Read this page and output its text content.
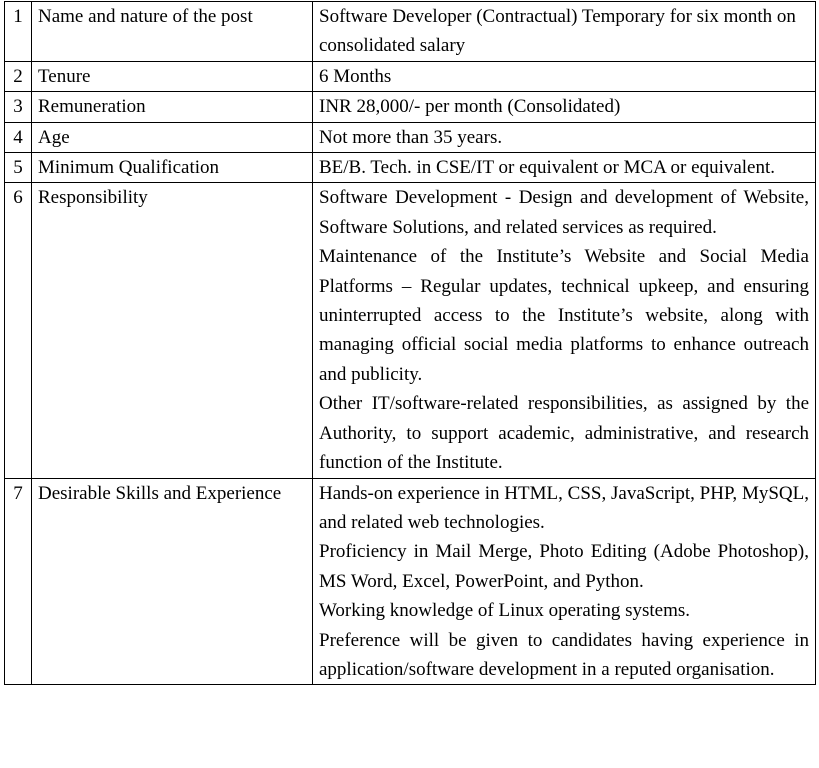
1	Name and nature of the post	Software Developer (Contractual) Temporary for six month on consolidated salary

2	Tenure	6 Months

3	Remuneration	INR 28,000/- per month (Consolidated)

4	Age	Not more than 35 years.

5	Minimum Qualification	BE/B. Tech. in CSE/IT or equivalent or MCA or equivalent.

6	Responsibility	Software Development - Design and development of Website, Software Solutions, and related services as required.

Maintenance of the Institute’s Website and Social Media Platforms – Regular updates, technical upkeep, and ensuring uninterrupted access to the Institute’s website, along with managing official social media platforms to enhance outreach and publicity.

Other IT/software-related responsibilities, as assigned by the Authority, to support academic, administrative, and research function of the Institute.

7	Desirable Skills and Experience	Hands-on experience in HTML, CSS, JavaScript, PHP, MySQL, and related web technologies.

Proficiency in Mail Merge, Photo Editing (Adobe Photoshop), MS Word, Excel, PowerPoint, and Python.

Working knowledge of Linux operating systems.

Preference will be given to candidates having experience in application/software development in a reputed organisation.
